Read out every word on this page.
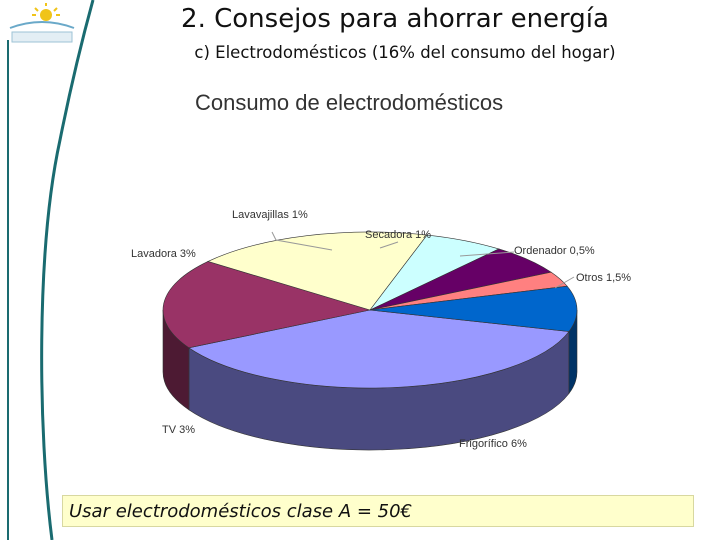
2. Consejos para ahorrar energía
c) Electrodomésticos (16% del consumo del hogar)
Consumo de electrodomésticos
Frigorífico 6%
TV 3%
Lavadora 3%
Lavavajillas 1%
Secadora 1%
Ordenador 0,5%
Otros 1,5%
Usar electrodomésticos clase A = 50€
